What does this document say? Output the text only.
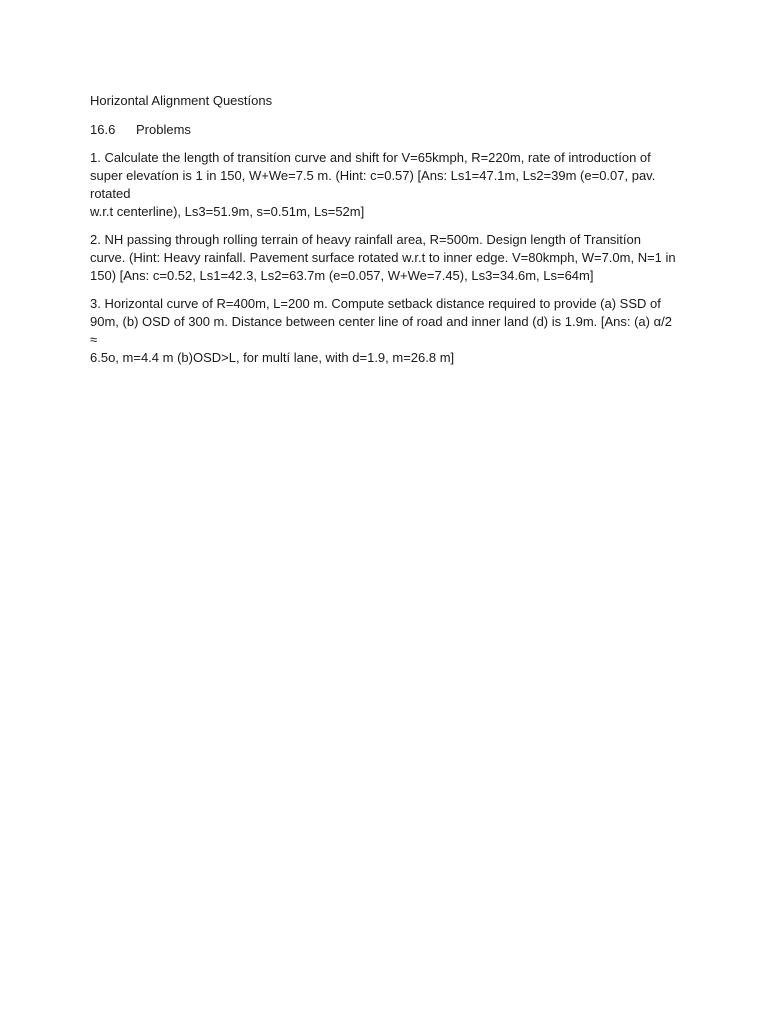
Horizontal Alignment Questíons
16.6	Problems

1. Calculate the length of transitíon curve and shift for V=65kmph, R=220m, rate of introductíon of
super elevatíon is 1 in 150, W+We=7.5 m. (Hint: c=0.57) [Ans: Ls1=47.1m, Ls2=39m (e=0.07, pav. rotated
w.r.t centerline), Ls3=51.9m, s=0.51m, Ls=52m]

2. NH passing through rolling terrain of heavy rainfall area, R=500m. Design length of Transitíon
curve. (Hint: Heavy rainfall. Pavement surface rotated w.r.t to inner edge. V=80kmph, W=7.0m, N=1 in
150) [Ans: c=0.52, Ls1=42.3, Ls2=63.7m (e=0.057, W+We=7.45), Ls3=34.6m, Ls=64m]

3. Horizontal curve of R=400m, L=200 m. Compute setback distance required to provide (a) SSD of
90m, (b) OSD of 300 m. Distance between center line of road and inner land (d) is 1.9m. [Ans: (a) α/2 ≈
6.5o, m=4.4 m (b)OSD>L, for multí lane, with d=1.9, m=26.8 m]
